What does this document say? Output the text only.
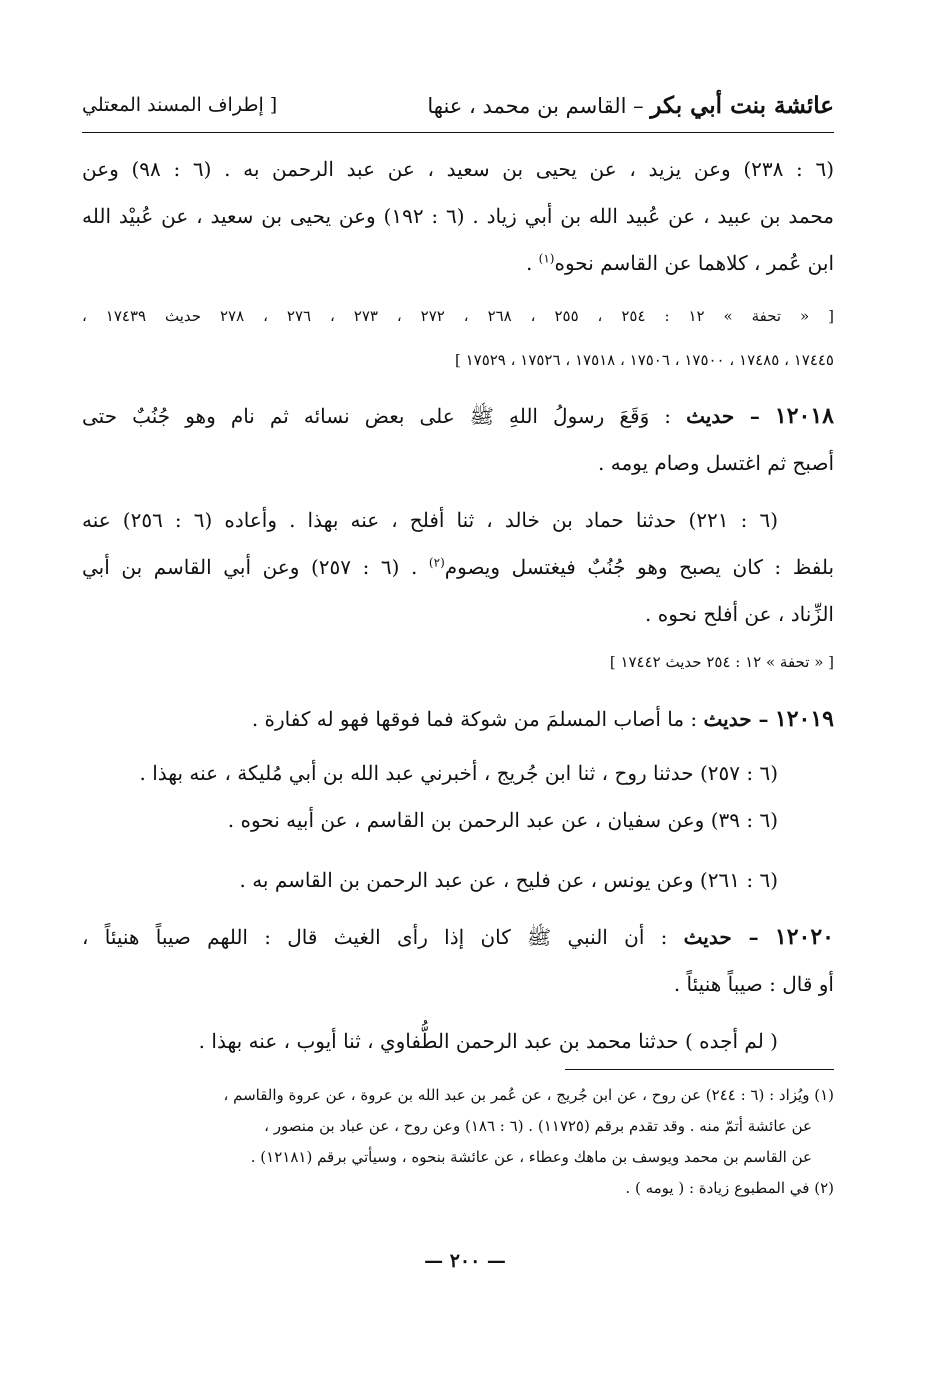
عائشة بنت أبي بكر – القاسم بن محمد ، عنها
[ إطراف المسند المعتلي
(٦ : ٢٣٨) وعن يزيد ، عن يحيى بن سعيد ، عن عبد الرحمن به . (٦ : ٩٨) وعن
محمد بن عبيد ، عن عُبيد الله بن أبي زياد . (٦ : ١٩٢) وعن يحيى بن سعيد ، عن عُبيْد الله
ابن عُمر ، كلاهما عن القاسم نحوه$^{(١)}$ .
[ « تحفة » ١٢ : ٢٥٤ ، ٢٥٥ ، ٢٦٨ ، ٢٧٢ ، ٢٧٣ ، ٢٧٦ ، ٢٧٨ حديث ١٧٤٣٩ ،
١٧٤٤٥ ، ١٧٤٨٥ ، ١٧٥٠٠ ، ١٧٥٠٦ ، ١٧٥١٨ ، ١٧٥٢٦ ، ١٧٥٢٩ ]
١٢٠١٨ – حديث : وَقَعَ رسولُ اللهِ ﷺ على بعض نسائه ثم نام وهو جُنُبٌ حتى
أصبح ثم اغتسل وصام يومه .
(٦ : ٢٢١) حدثنا حماد بن خالد ، ثنا أفلح ، عنه بهذا . وأعاده (٦ : ٢٥٦) عنه
بلفظ : كان يصبح وهو جُنُبٌ فيغتسل ويصوم$^{(٢)}$ . (٦ : ٢٥٧) وعن أبي القاسم بن أبي
الزِّناد ، عن أفلح نحوه .
[ « تحفة » ١٢ : ٢٥٤ حديث ١٧٤٤٢ ]
١٢٠١٩ – حديث : ما أصاب المسلمَ من شوكة فما فوقها فهو له كفارة .
(٦ : ٢٥٧) حدثنا روح ، ثنا ابن جُريج ، أخبرني عبد الله بن أبي مُليكة ، عنه بهذا .
(٦ : ٣٩) وعن سفيان ، عن عبد الرحمن بن القاسم ، عن أبيه نحوه .
(٦ : ٢٦١) وعن يونس ، عن فليح ، عن عبد الرحمن بن القاسم به .
١٢٠٢٠ – حديث : أن النبي ﷺ كان إذا رأى الغيث قال : اللهم صيباً هنيئاً ،
أو قال : صيباً هنيئاً .
( لم أجده ) حدثنا محمد بن عبد الرحمن الطُّفاوي ، ثنا أيوب ، عنه بهذا .
(١) ويُزاد : (٦ : ٢٤٤) عن روح ، عن ابن جُريج ، عن عُمر بن عبد الله بن عروة ، عن عروة والقاسم ،
عن عائشة أتمّ منه . وقد تقدم برقم (١١٧٢٥) . (٦ : ١٨٦) وعن روح ، عن عباد بن منصور ،
عن القاسم بن محمد ويوسف بن ماهك وعطاء ، عن عائشة بنحوه ، وسيأتي برقم (١٢١٨١) .
(٢) في المطبوع زيادة : ( يومه ) .
— ٢٠٠ —
